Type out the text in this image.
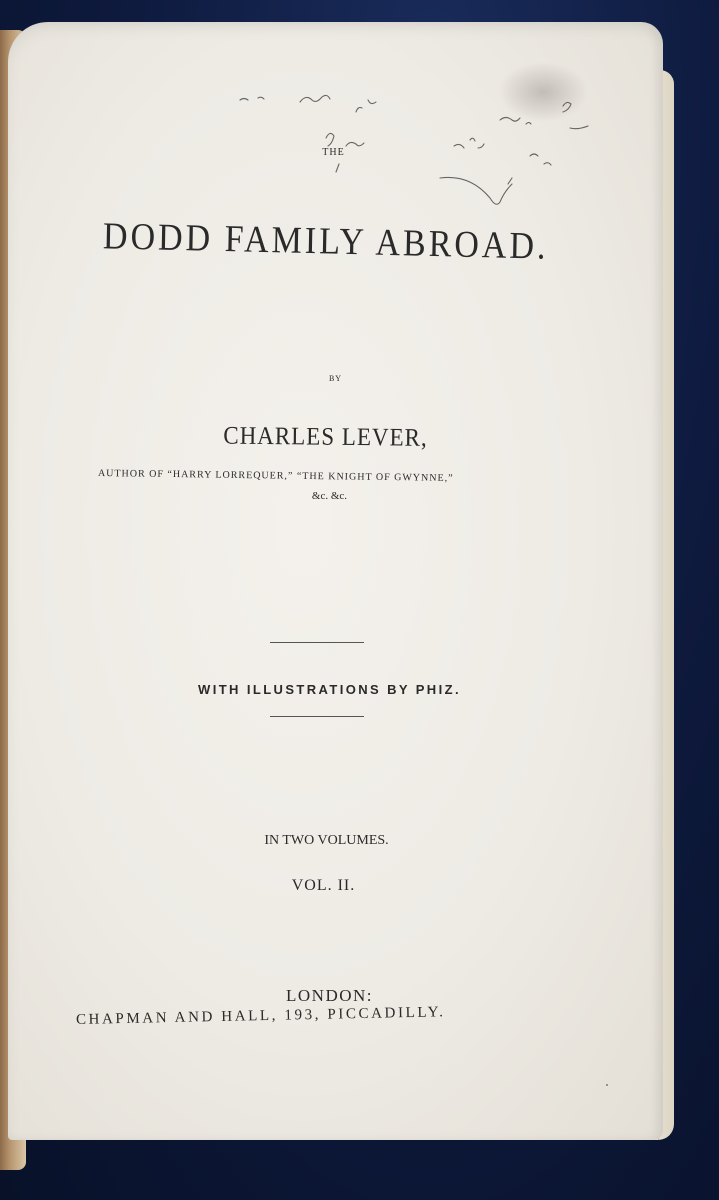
THE
DODD FAMILY ABROAD.
BY
CHARLES LEVER,
AUTHOR OF “HARRY LORREQUER,” “THE KNIGHT OF GWYNNE,”
&c. &c.
WITH ILLUSTRATIONS BY PHIZ.
IN TWO VOLUMES.
VOL. II.
LONDON:
CHAPMAN AND HALL, 193, PICCADILLY.
